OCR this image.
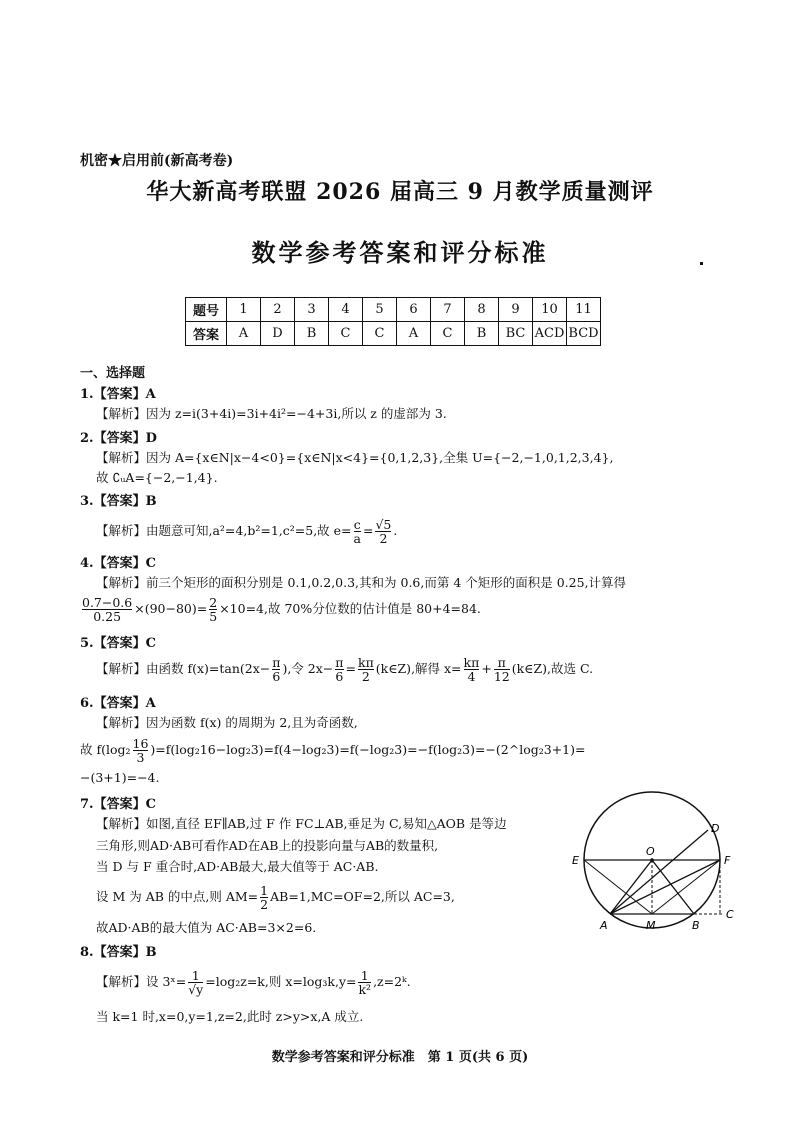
机密★启用前(新高考卷)
华大新高考联盟 2026 届高三 9 月教学质量测评
数学参考答案和评分标准
题号	1	2	3	4	5	6	7	8	9	10	11
答案	A	D	B	C	C	A	C	B	BC	ACD	BCD
一、选择题
1.【答案】A
【解析】因为 z=i(3+4i)=3i+4i²=−4+3i,所以 z 的虚部为 3.
2.【答案】D
【解析】因为 A={x∈N|x−4<0}={x∈N|x<4}={0,1,2,3},全集 U={−2,−1,0,1,2,3,4},
故 ∁ᵤA={−2,−1,4}.
3.【答案】B
【解析】由题意可知,a²=4,b²=1,c²=5,故 $e= \frac{c}{a} = \frac{√5}{2}$ .
4.【答案】C
【解析】前三个矩形的面积分别是 0.1,0.2,0.3,其和为 0.6,而第 4 个矩形的面积是 0.25,计算得
$\frac{0.7-0.6}{0.25} \times(90-80)= \frac{2}{5} \times 10=4$,故 70%分位数的估计值是 80+4=84.
5.【答案】C
【解析】由函数 $f(x)=\tan(2x- \frac{\pi}{6}$ ),令 $2x- \frac{\pi}{6} = \frac{k\pi}{2}$ (k∈Z),解得 $x= \frac{k\pi}{4} + \frac{\pi}{12}$ (k∈Z),故选 C.
6.【答案】A
【解析】因为函数 f(x) 的周期为 2,且为奇函数,
故 $f(\log_2 \frac{16}{3}$ )=f(log₂16−log₂3)=f(4−log₂3)=f(−log₂3)=−f(log₂3)=−(2^log₂3+1)=
−(3+1)=−4.
7.【答案】C
【解析】如图,直径 EF∥AB,过 F 作 FC⊥AB,垂足为 C,易知△AOB 是等边
三角形,则AD·AB可看作AD在AB上的投影向量与AB的数量积,
当 D 与 F 重合时,AD·AB最大,最大值等于 AC·AB.
设 M 为 AB 的中点,则 $AM= \frac{1}{2} AB=1,MC=OF=2$,所以 AC=3,
故AD·AB的最大值为 AC·AB=3×2=6.
D
O
E	F
C
A	M	B
8.【答案】B
【解析】设 3ˣ= $\frac{1}{√y} =\log_2z=k$,则 $x=\log_3k,y= \frac{1}{\text{k²}}$ ,z=2ᵏ.
当 k=1 时,x=0,y=1,z=2,此时 z>y>x,A 成立.
数学参考答案和评分标准　第 1 页(共 6 页)
